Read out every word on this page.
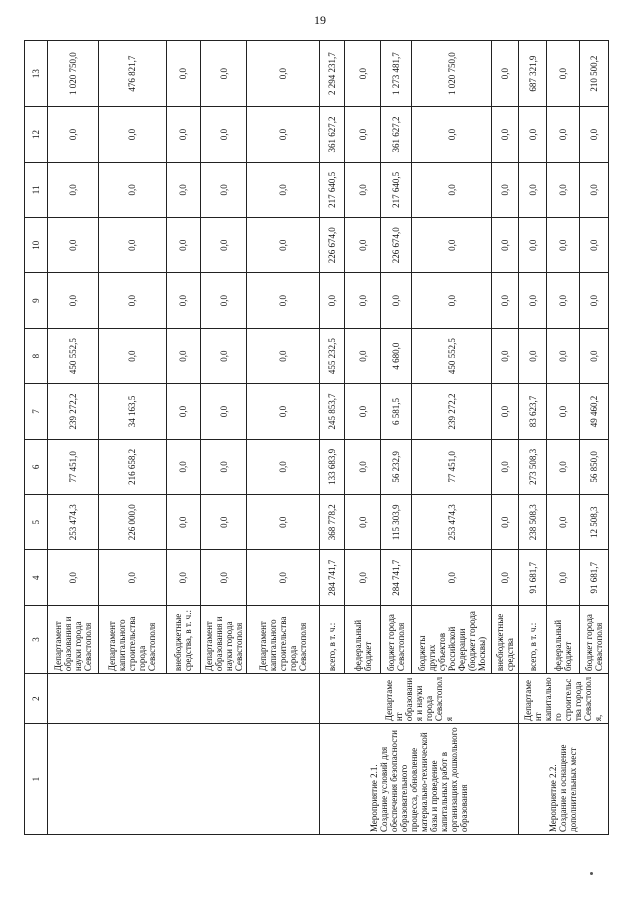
19
1	2	3	4	5	6	7	8	9	10	11	12	13
		Департамент образования и науки города Севастополя	0,0	253 474,3	77 451,0	239 272,2	450 552,5	0,0	0,0	0,0	0,0	1 020 750,0
		Департамент капитального строительства города Севастополя	0,0	226 000,0	216 658,2	34 163,5	0,0	0,0	0,0	0,0	0,0	476 821,7
		внебюджетные средства, в т. ч.:	0,0	0,0	0,0	0,0	0,0	0,0	0,0	0,0	0,0	0,0
		Департамент образования и науки города Севастополя	0,0	0,0	0,0	0,0	0,0	0,0	0,0	0,0	0,0	0,0
		Департамент капитального строительства города Севастополя	0,0	0,0	0,0	0,0	0,0	0,0	0,0	0,0	0,0	0,0
Мероприятие 2.1. Создание условий для обеспечения безопасности образовательного процесса, обновление материально-технической базы и проведение капитальных работ в организациях дошкольного образования	Департамент образования и науки города Севастополя	всего, в т. ч.:	284 741,7	368 778,2	133 683,9	245 853,7	455 232,5	0,0	226 674,0	217 640,5	361 627,2	2 294 231,7
		федеральный бюджет	0,0	0,0	0,0	0,0	0,0	0,0	0,0	0,0	0,0	0,0
		бюджет города Севастополя	284 741,7	115 303,9	56 232,9	6 581,5	4 680,0	0,0	226 674,0	217 640,5	361 627,2	1 273 481,7
		бюджеты других субъектов Российской Федерации (бюджет города Москвы)	0,0	253 474,3	77 451,0	239 272,2	450 552,5	0,0	0,0	0,0	0,0	1 020 750,0
		внебюджетные средства	0,0	0,0	0,0	0,0	0,0	0,0	0,0	0,0	0,0	0,0
Мероприятие 2.2. Создание и оснащение дополнительных мест	Департамент капитального строительства города Севастополя,	всего, в т. ч.:	91 681,7	238 508,3	273 508,3	83 623,7	0,0	0,0	0,0	0,0	0,0	687 321,9
		федеральный бюджет	0,0	0,0	0,0	0,0	0,0	0,0	0,0	0,0	0,0	0,0
		бюджет города Севастополя	91 681,7	12 508,3	56 850,0	49 460,2	0,0	0,0	0,0	0,0	0,0	210 500,2
